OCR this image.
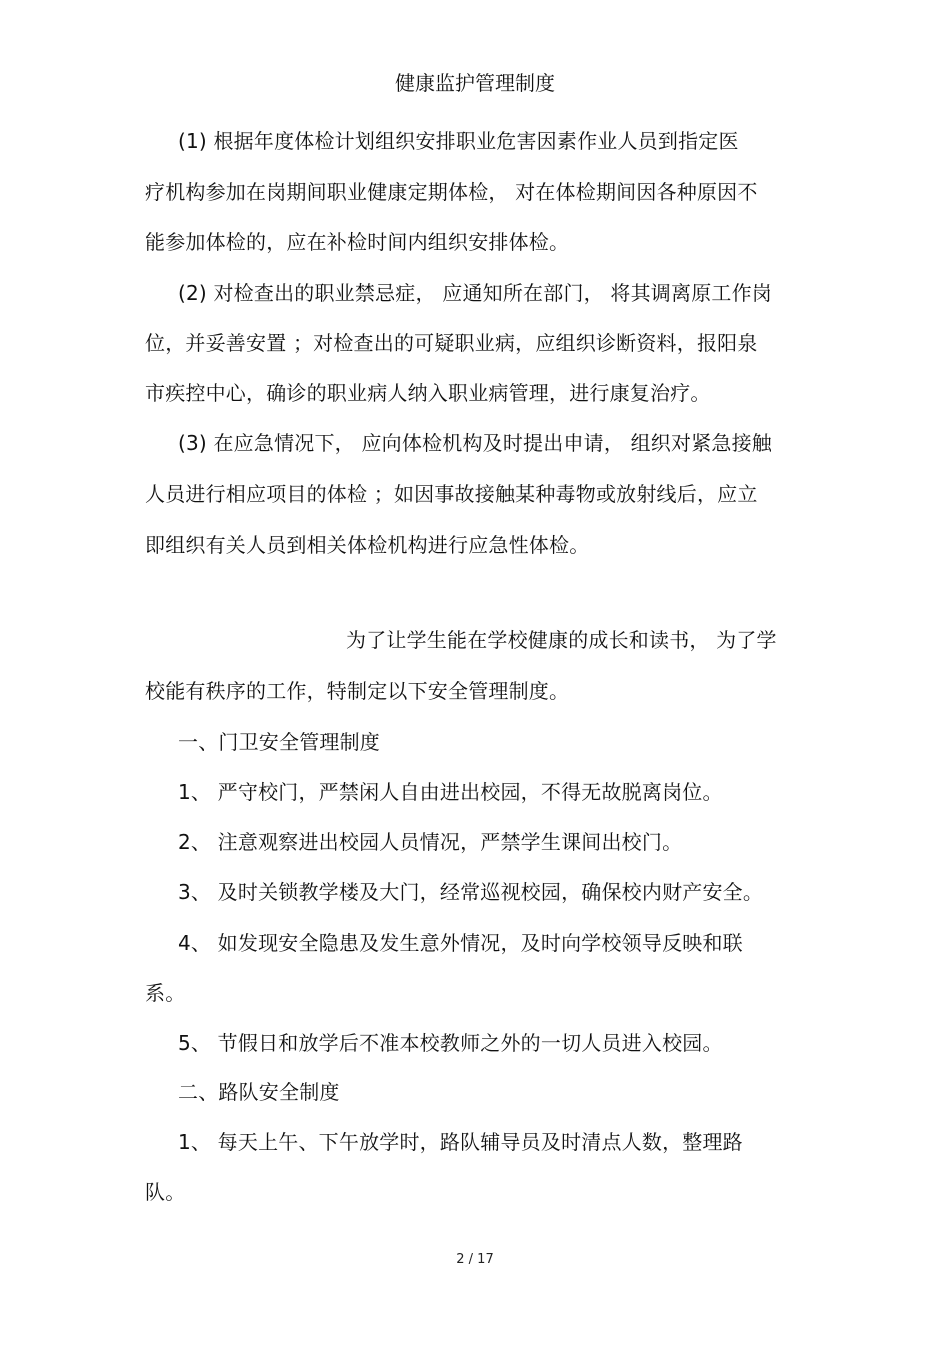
健康监护管理制度
(1) 根据年度体检计划组织安排职业危害因素作业人员到指定医
疗机构参加在岗期间职业健康定期体检， 对在体检期间因各种原因不
能参加体检的，应在补检时间内组织安排体检。
(2) 对检查出的职业禁忌症， 应通知所在部门， 将其调离原工作岗
位，并妥善安置 ；对检查出的可疑职业病，应组织诊断资料，报阳泉
市疾控中心，确诊的职业病人纳入职业病管理，进行康复治疗。
(3) 在应急情况下， 应向体检机构及时提出申请， 组织对紧急接触
人员进行相应项目的体检 ；如因事故接触某种毒物或放射线后，应立
即组织有关人员到相关体检机构进行应急性体检。
为了让学生能在学校健康的成长和读书， 为了学
校能有秩序的工作，特制定以下安全管理制度。
一、门卫安全管理制度
1、 严守校门，严禁闲人自由进出校园，不得无故脱离岗位。
2、 注意观察进出校园人员情况，严禁学生课间出校门。
3、 及时关锁教学楼及大门，经常巡视校园，确保校内财产安全。
4、 如发现安全隐患及发生意外情况，及时向学校领导反映和联
系。
5、 节假日和放学后不准本校教师之外的一切人员进入校园。
二、路队安全制度
1、 每天上午、下午放学时，路队辅导员及时清点人数，整理路
队。
2 / 17
